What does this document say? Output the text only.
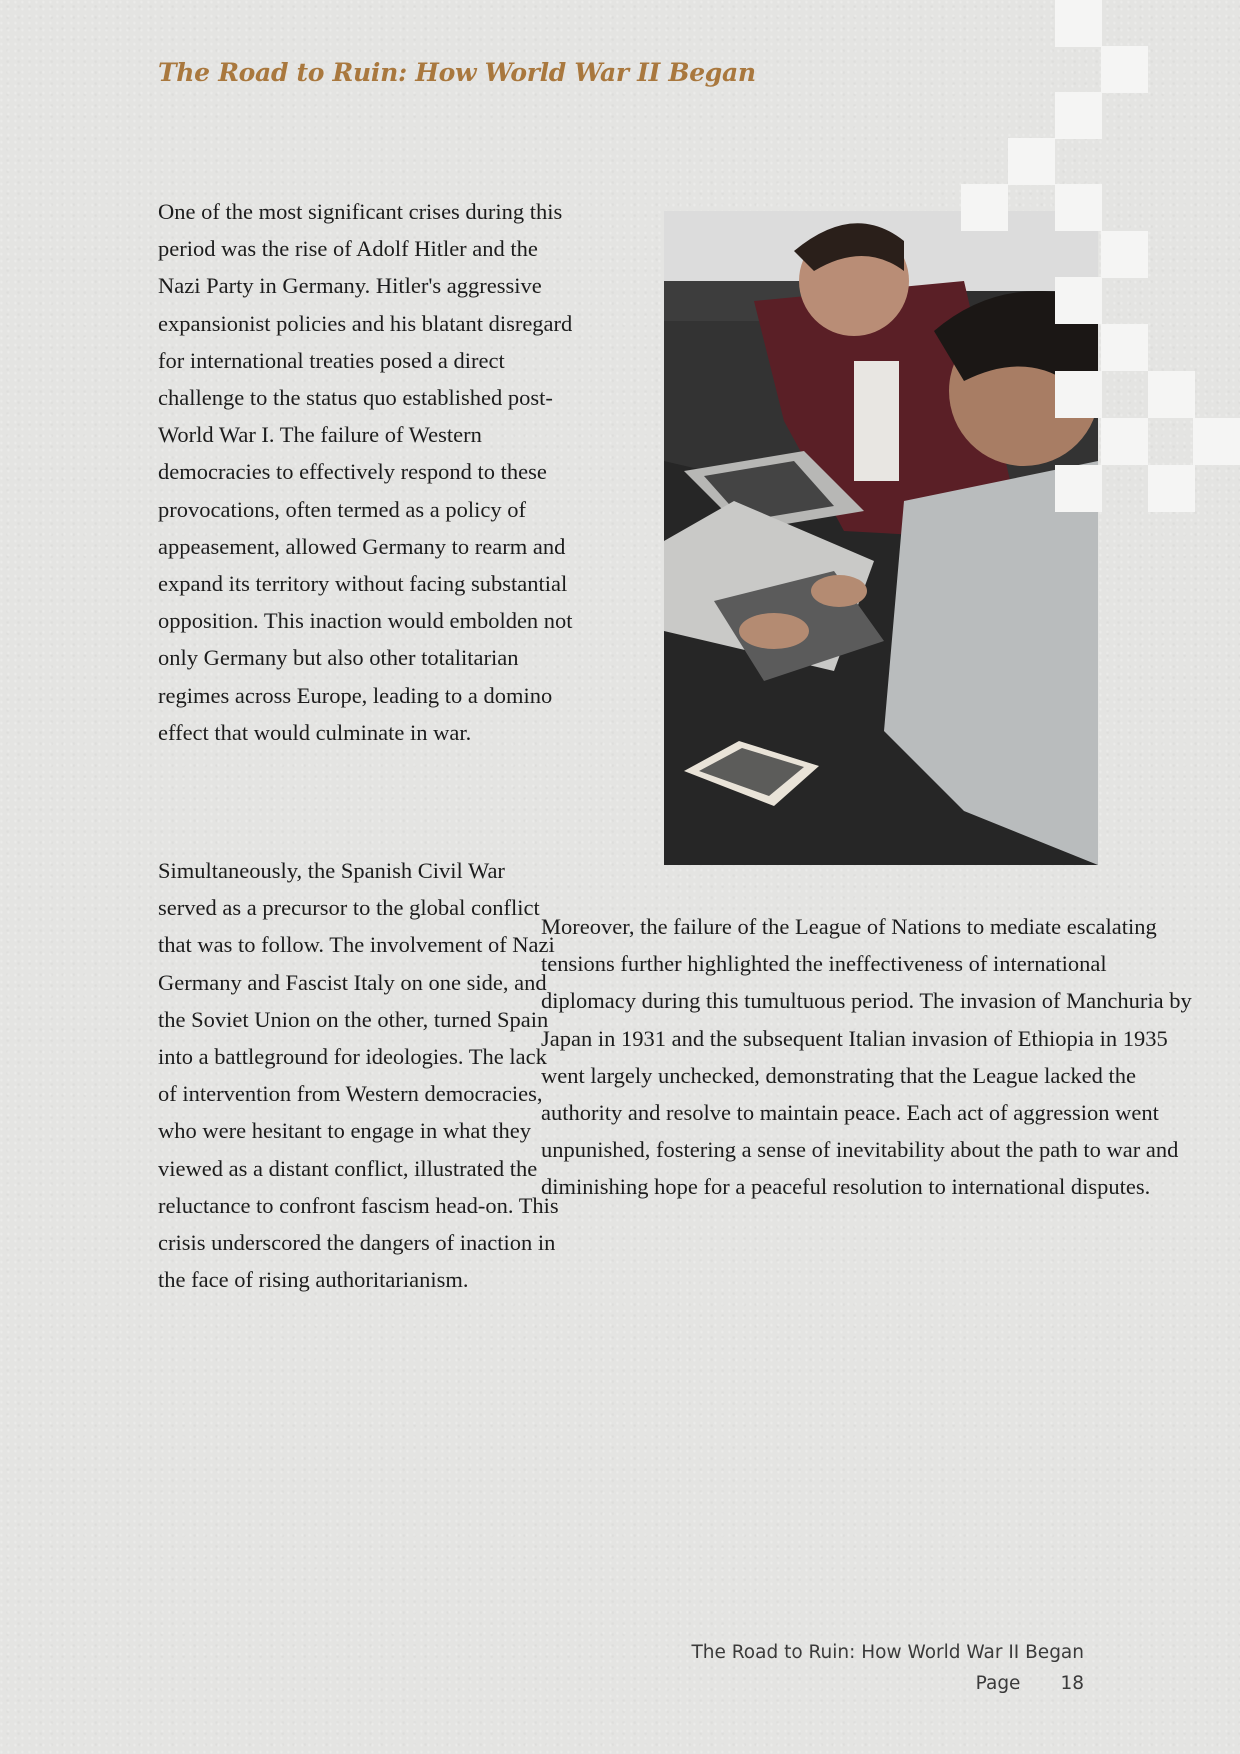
The Road to Ruin: How World War II Began

One of the most significant crises during this period was the rise of Adolf Hitler and the Nazi Party in Germany. Hitler's aggressive expansionist policies and his blatant disregard for international treaties posed a direct challenge to the status quo established post-World War I. The failure of Western democracies to effectively respond to these provocations, often termed as a policy of appeasement, allowed Germany to rearm and expand its territory without facing substantial opposition. This inaction would embolden not only Germany but also other totalitarian regimes across Europe, leading to a domino effect that would culminate in war.

Simultaneously, the Spanish Civil War served as a precursor to the global conflict that was to follow. The involvement of Nazi Germany and Fascist Italy on one side, and the Soviet Union on the other, turned Spain into a battleground for ideologies. The lack of intervention from Western democracies, who were hesitant to engage in what they viewed as a distant conflict, illustrated the reluctance to confront fascism head-on. This crisis underscored the dangers of inaction in the face of rising authoritarianism.

Moreover, the failure of the League of Nations to mediate escalating tensions further highlighted the ineffectiveness of international diplomacy during this tumultuous period. The invasion of Manchuria by Japan in 1931 and the subsequent Italian invasion of Ethiopia in 1935 went largely unchecked, demonstrating that the League lacked the authority and resolve to maintain peace. Each act of aggression went unpunished, fostering a sense of inevitability about the path to war and diminishing hope for a peaceful resolution to international disputes.

The Road to Ruin: How World War II Began
Page 18
